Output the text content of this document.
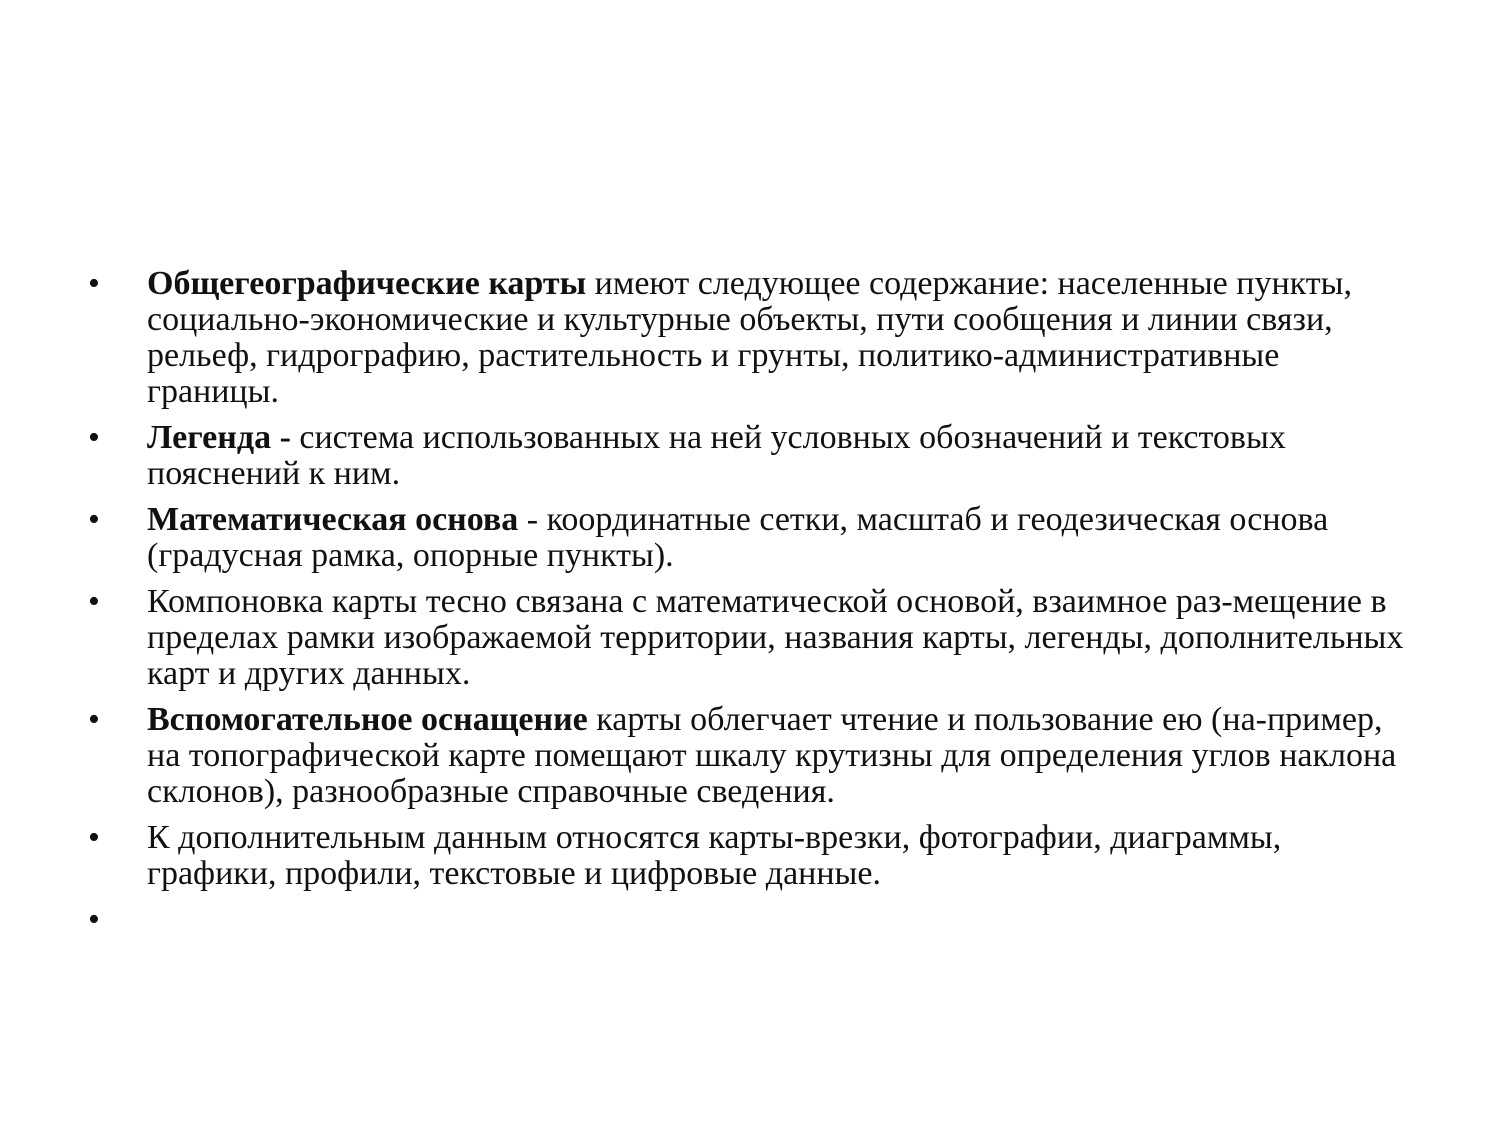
• Общегеографические карты имеют следующее содержание: населенные пункты, социально-экономические и культурные объекты, пути сообщения и линии связи, рельеф, гидрографию, растительность и грунты, политико-административные границы.
• Легенда - система использованных на ней условных обозначений и текстовых пояснений к ним.
• Математическая основа - координатные сетки, масштаб и геодезическая основа (градусная рамка, опорные пункты).
• Компоновка карты тесно связана с математической основой, взаимное раз-мещение в пределах рамки изображаемой территории, названия карты, легенды, дополнительных карт и других данных.
• Вспомогательное оснащение карты облегчает чтение и пользование ею (на-пример, на топографической карте помещают шкалу крутизны для определения углов наклона склонов), разнообразные справочные сведения.
• К дополнительным данным относятся карты-врезки, фотографии, диаграммы, графики, профили, текстовые и цифровые данные.
•
